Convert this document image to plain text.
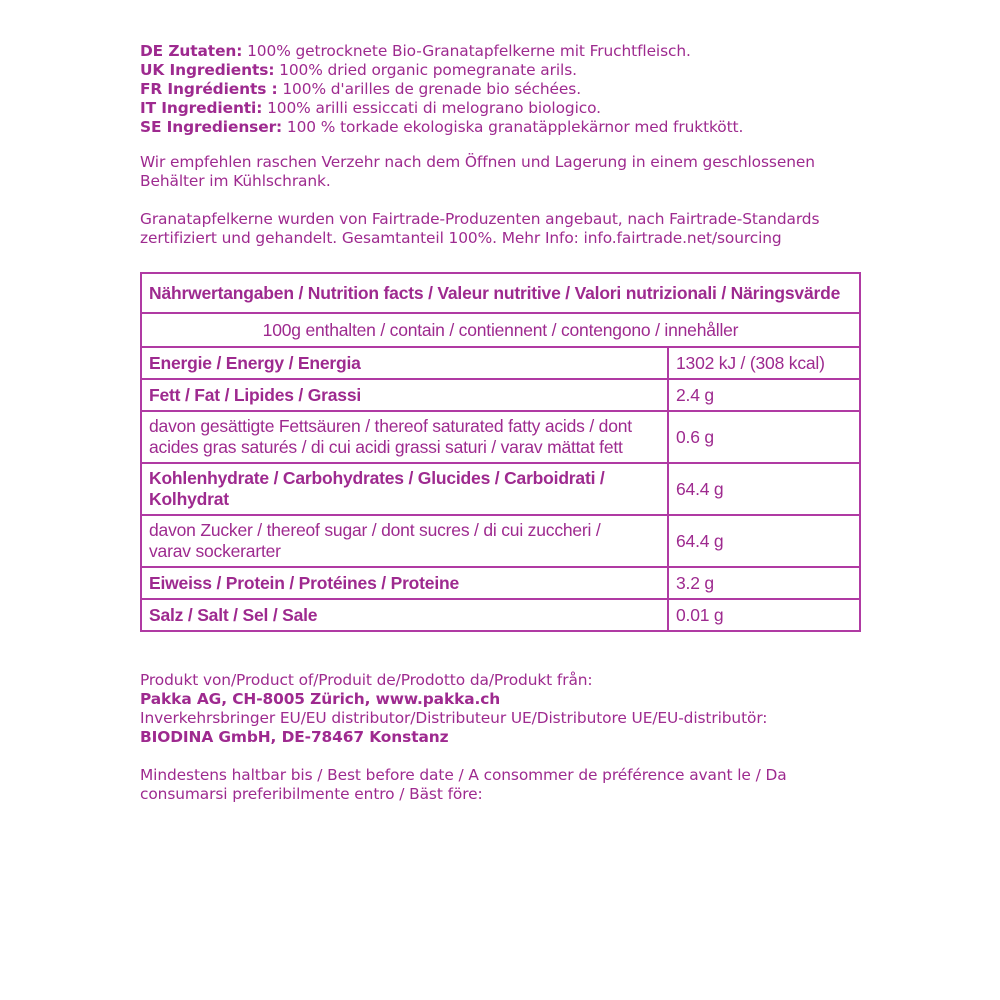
DE Zutaten: 100% getrocknete Bio-Granatapfelkerne mit Fruchtfleisch.
UK Ingredients: 100% dried organic pomegranate arils.
FR Ingrédients : 100% d'arilles de grenade bio séchées.
IT Ingredienti: 100% arilli essiccati di melograno biologico.
SE Ingredienser: 100 % torkade ekologiska granatäpplekärnor med fruktkött.
Wir empfehlen raschen Verzehr nach dem Öffnen und Lagerung in einem geschlossenen
Behälter im Kühlschrank.
Granatapfelkerne wurden von Fairtrade-Produzenten angebaut, nach Fairtrade-Standards
zertifiziert und gehandelt. Gesamtanteil 100%. Mehr Info: info.fairtrade.net/sourcing
Nährwertangaben / Nutrition facts / Valeur nutritive / Valori nutrizionali / Näringsvärde	
100g enthalten / contain / contiennent / contengono / innehåller	

Energie / Energy / Energia	1302 kJ / (308 kcal)

Fett / Fat / Lipides / Grassi	2.4 g

davon gesättigte Fettsäuren / thereof saturated fatty acids / dont
acides gras saturés / di cui acidi grassi saturi / varav mättat fett	0.6 g

Kohlenhydrate / Carbohydrates / Glucides / Carboidrati /
Kolhydrat	64.4 g

davon Zucker / thereof sugar / dont sucres / di cui zuccheri /
varav sockerarter	64.4 g

Eiweiss / Protein / Protéines / Proteine	3.2 g

Salz / Salt / Sel / Sale	0.01 g
Produkt von/Product of/Produit de/Prodotto da/Produkt från:
Pakka AG, CH-8005 Zürich, www.pakka.ch
Inverkehrsbringer EU/EU distributor/Distributeur UE/Distributore UE/EU-distributör:
BIODINA GmbH, DE-78467 Konstanz
Mindestens haltbar bis / Best before date / A consommer de préférence avant le / Da
consumarsi preferibilmente entro / Bäst före:
